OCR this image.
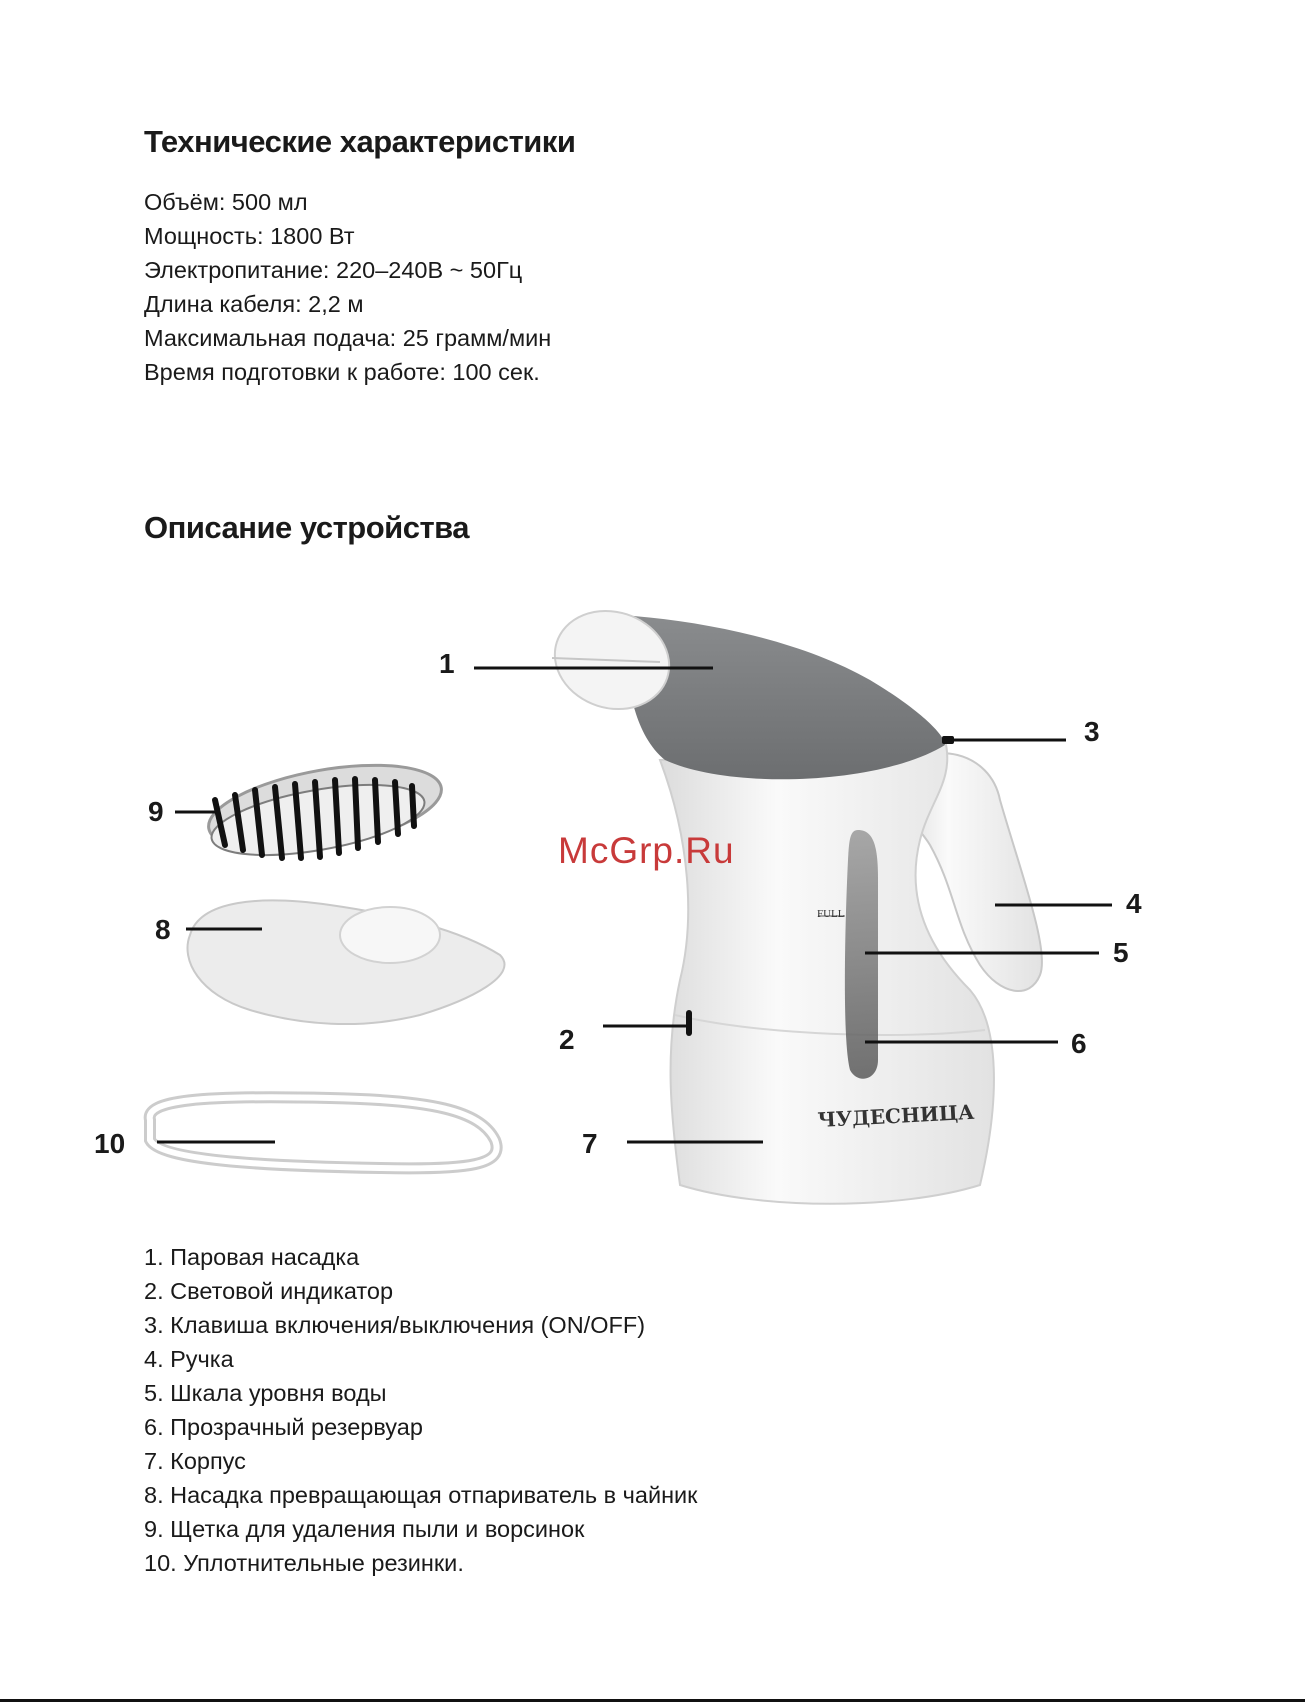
Технические характеристики
Объём: 500 мл
Мощность: 1800 Вт
Электропитание: 220–240В ~ 50Гц
Длина кабеля: 2,2 м
Максимальная подача: 25 грамм/мин
Время подготовки к работе: 100 сек.
Описание устройства
FULL
ЧУДЕСНИЦА
McGrp.Ru
1
2
3
4
5
6
7
8
9
10
1. Паровая насадка
2. Световой индикатор
3. Клавиша включения/выключения (ON/OFF)
4. Ручка
5. Шкала уровня воды
6. Прозрачный резервуар
7. Корпус
8. Насадка превращающая отпариватель в чайник
9. Щетка для удаления пыли и ворсинок
10. Уплотнительные резинки.
